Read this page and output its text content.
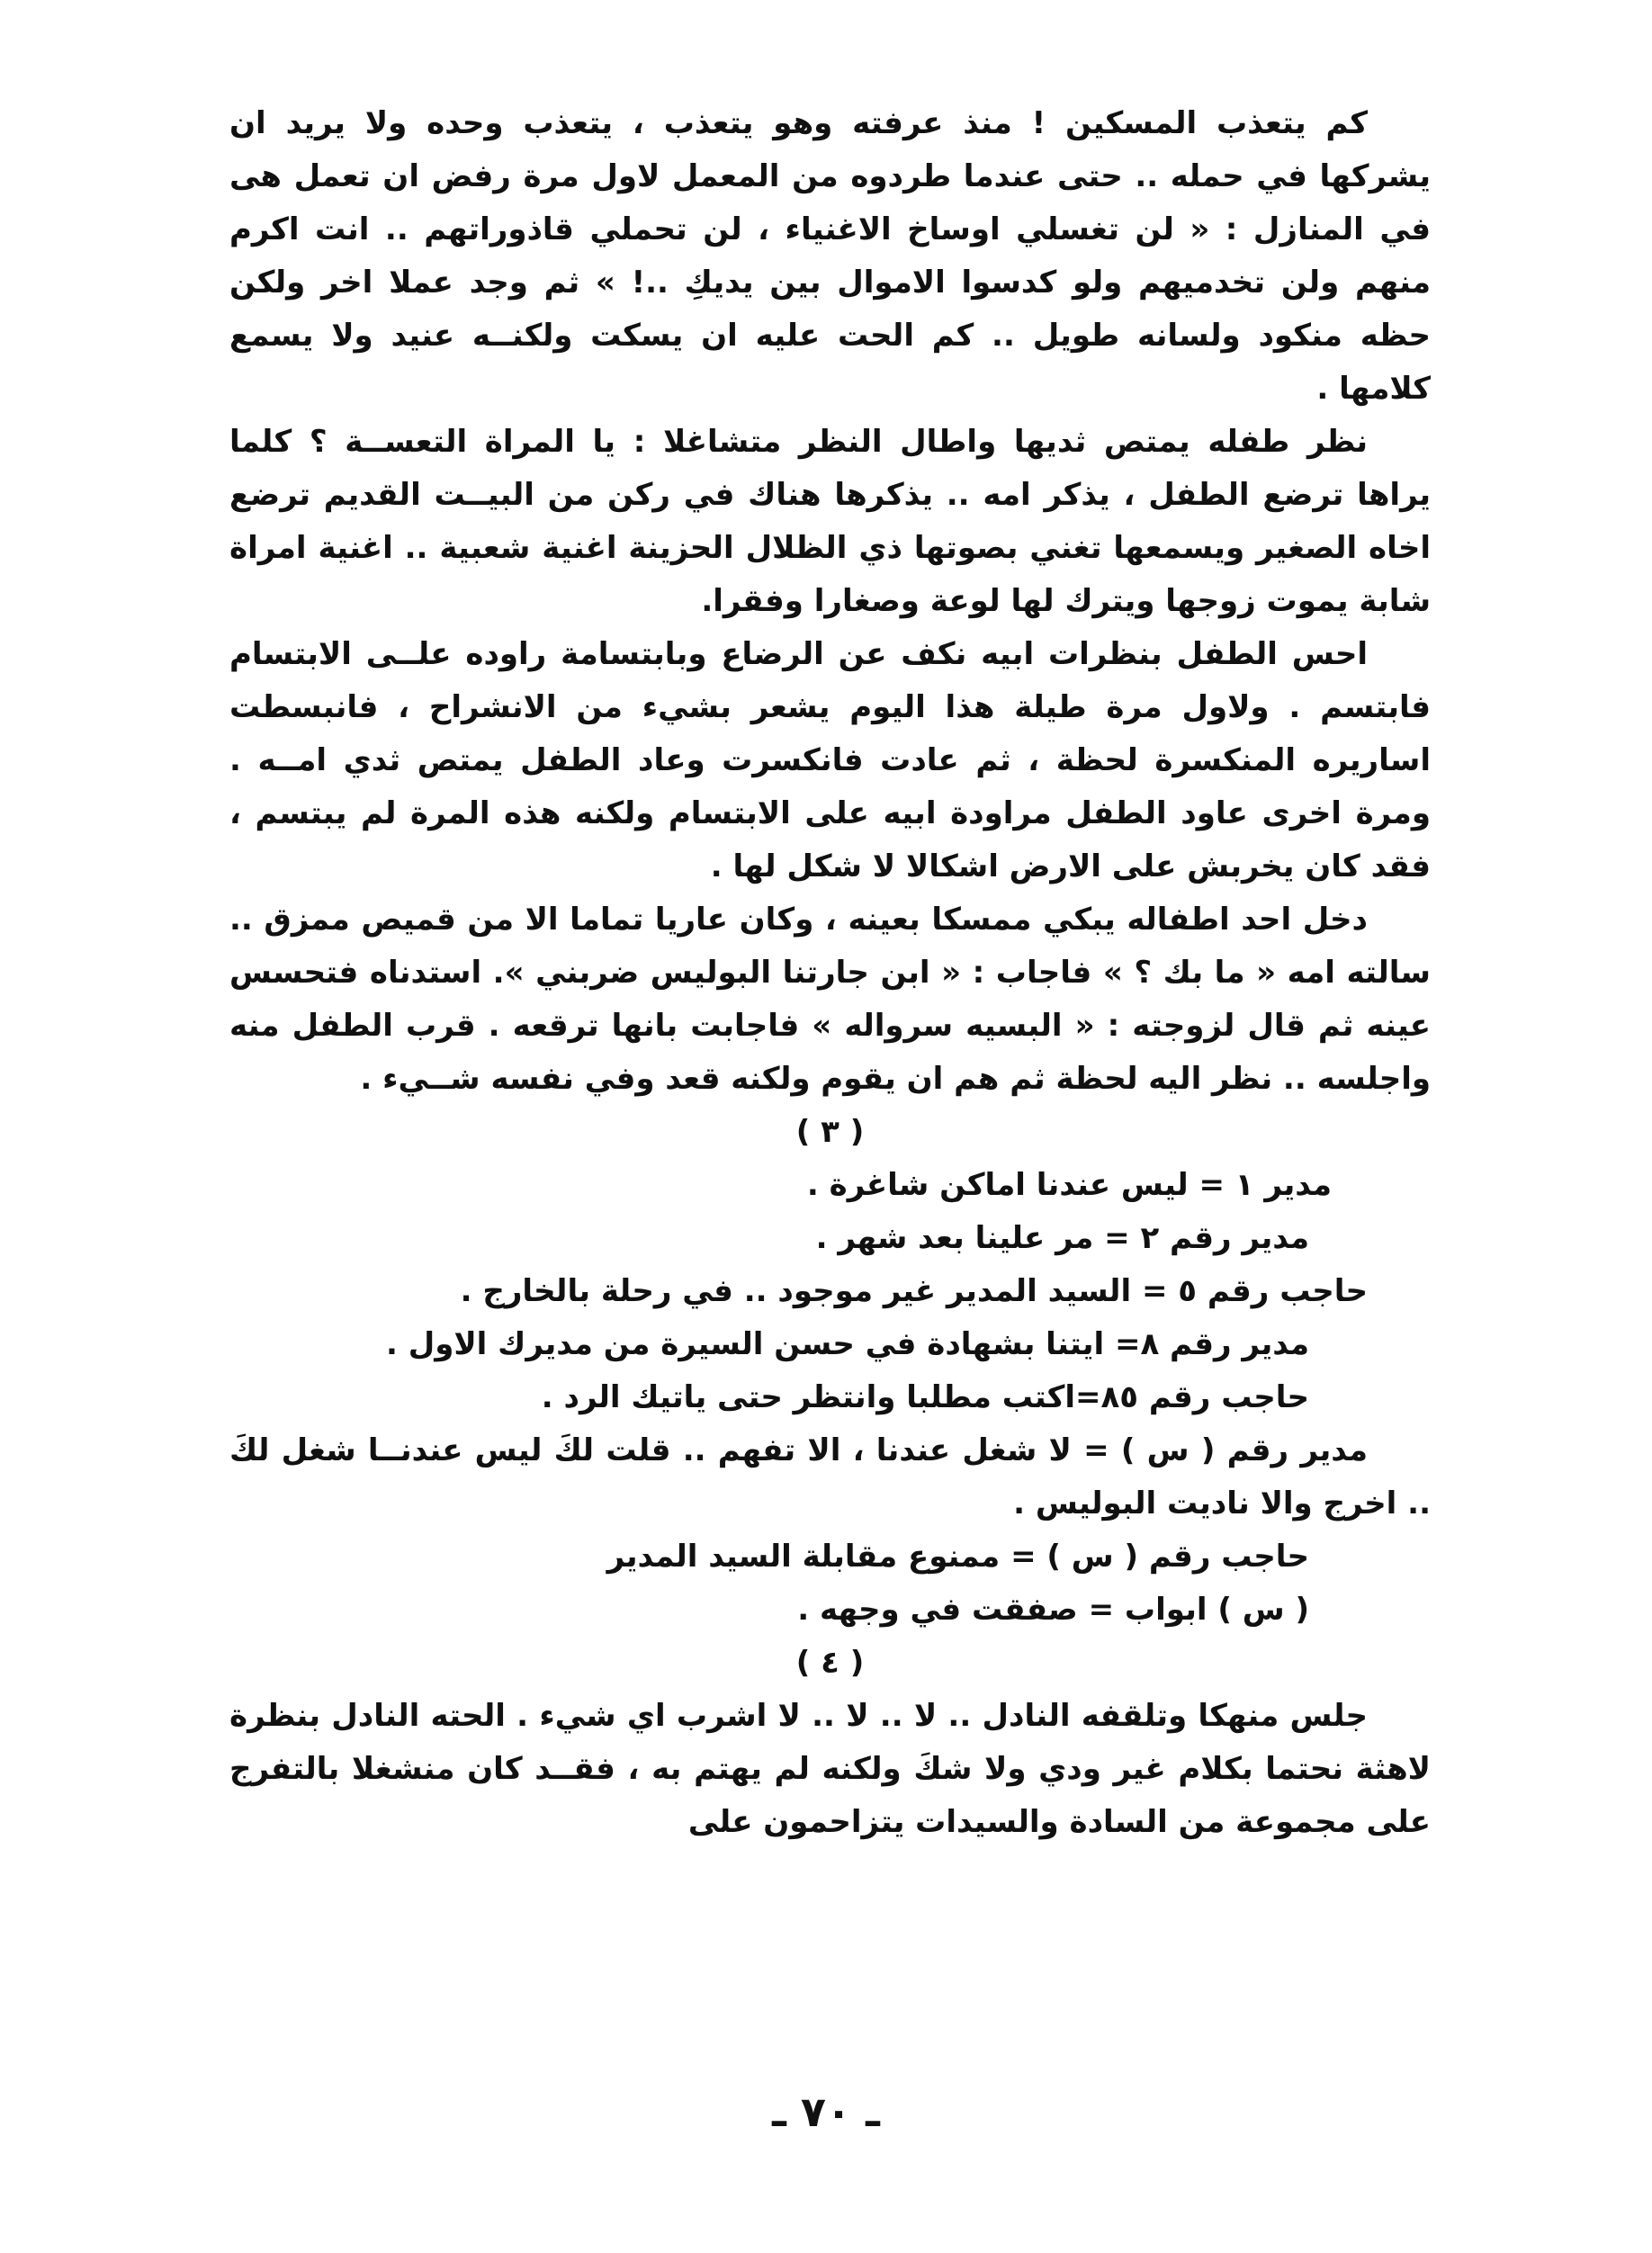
كم يتعذب المسكين ! منذ عرفته وهو يتعذب ، يتعذب وحده ولا يريد ان يشركها في حمله .. حتى عندما طردوه من المعمل لاول مرة رفض ان تعمل هى في المنازل : « لن تغسلي اوساخ الاغنياء ، لن تحملي قاذوراتهم .. انت اكرم منهم ولن تخدميهم ولو كدسوا الاموال بين يديكِ ..! » ثم وجد عملا اخر ولكن حظه منكود ولسانه طويل .. كم الحت عليه ان يسكت ولكنــه عنيد ولا يسمع كلامها .

نظر طفله يمتص ثديها واطال النظر متشاغلا : يا المراة التعســة ؟ كلما يراها ترضع الطفل ، يذكر امه .. يذكرها هناك في ركن من البيــت القديم ترضع اخاه الصغير ويسمعها تغني بصوتها ذي الظلال الحزينة اغنية شعبية .. اغنية امراة شابة يموت زوجها ويترك لها لوعة وصغارا وفقرا.

احس الطفل بنظرات ابيه نكف عن الرضاع وبابتسامة راوده علــى الابتسام فابتسم . ولاول مرة طيلة هذا اليوم يشعر بشيء من الانشراح ، فانبسطت اساريره المنكسرة لحظة ، ثم عادت فانكسرت وعاد الطفل يمتص ثدي امــه . ومرة اخرى عاود الطفل مراودة ابيه على الابتسام ولكنه هذه المرة لم يبتسم ، فقد كان يخربش على الارض اشكالا لا شكل لها .

دخل احد اطفاله يبكي ممسكا بعينه ، وكان عاريا تماما الا من قميص ممزق .. سالته امه « ما بك ؟ » فاجاب : « ابن جارتنا البوليس ضربني ». استدناه فتحسس عينه ثم قال لزوجته : « البسيه سرواله » فاجابت بانها ترقعه . قرب الطفل منه واجلسه .. نظر اليه لحظة ثم هم ان يقوم ولكنه قعد وفي نفسه شــيء .

( ٣ )

مدير ١ = ليس عندنا اماكن شاغرة .

مدير رقم ٢ = مر علينا بعد شهر .

حاجب رقم ٥ = السيد المدير غير موجود .. في رحلة بالخارج .

مدير رقم ٨= ايتنا بشهادة في حسن السيرة من مديرك الاول .

حاجب رقم ٨٥=اكتب مطلبا وانتظر حتى ياتيك الرد .

مدير رقم ( س ) = لا شغل عندنا ، الا تفهم .. قلت لكَ ليس عندنــا شغل لكَ .. اخرج والا ناديت البوليس .

حاجب رقم ( س ) = ممنوع مقابلة السيد المدير

( س ) ابواب = صفقت في وجهه .

( ٤ )

جلس منهكا وتلقفه النادل .. لا .. لا .. لا اشرب اي شيء . الحته النادل بنظرة لاهثة نحتما بكلام غير ودي ولا شكَ ولكنه لم يهتم به ، فقــد كان منشغلا بالتفرج على مجموعة من السادة والسيدات يتزاحمون على

ـ ٧٠ ـ
